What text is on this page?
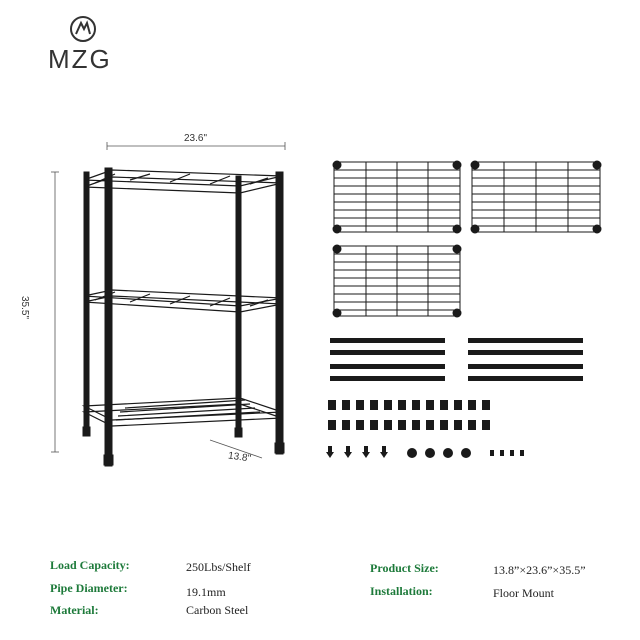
MZG
23.6"
35.5"
13.8"
Load Capacity:	250Lbs/Shelf
Pipe Diameter:	19.1mm
Material:	Carbon Steel
Product Size:	13.8”×23.6”×35.5”
Installation:	Floor Mount
